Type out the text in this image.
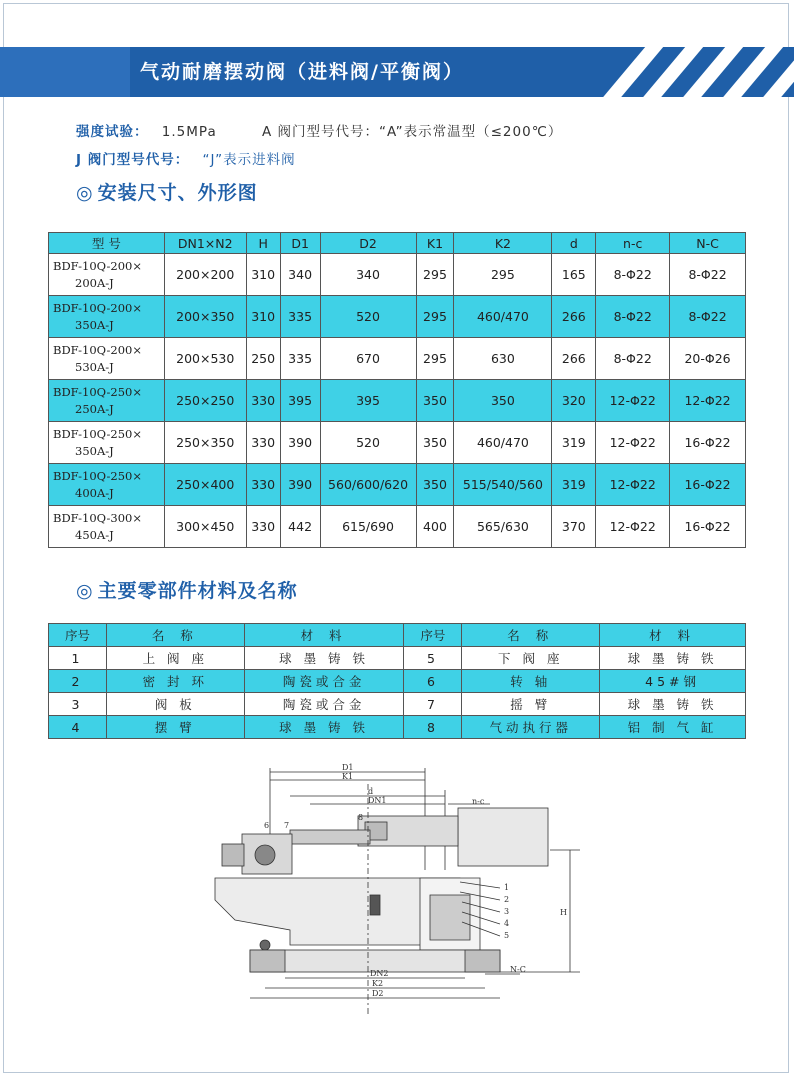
气动耐磨摆动阀（进料阀/平衡阀）
强度试验： 1.5MPa	A 阀门型号代号：“A”表示常温型（≤200℃）
J 阀门型号代号： “J”表示进料阀
◎ 安装尺寸、外形图
型 号	DN1×N2	H	D1	D2	K1	K2	d	n-c	N-C

BDF-10Q-200×
200A-J	200×200	310	340	340	295	295	165	8-Φ22	8-Φ22

BDF-10Q-200×
350A-J	200×350	310	335	520	295	460/470	266	8-Φ22	8-Φ22

BDF-10Q-200×
530A-J	200×530	250	335	670	295	630	266	8-Φ22	20-Φ26

BDF-10Q-250×
250A-J	250×250	330	395	395	350	350	320	12-Φ22	12-Φ22

BDF-10Q-250×
350A-J	250×350	330	390	520	350	460/470	319	12-Φ22	16-Φ22

BDF-10Q-250×
400A-J	250×400	330	390	560/600/620	350	515/540/560	319	12-Φ22	16-Φ22

BDF-10Q-300×
450A-J	300×450	330	442	615/690	400	565/630	370	12-Φ22	16-Φ22
◎ 主要零部件材料及名称
序号	名 称	材 料	序号	名 称	材 料
1	上 阀 座	球 墨 铸 铁	5	下 阀 座	球 墨 铸 铁
2	密 封 环	陶瓷或合金	6	转 轴	45#钢
3	阀 板	陶瓷或合金	7	摇 臂	球 墨 铸 铁
4	摆 臂	球 墨 铸 铁	8	气动执行器	铝 制 气 缸
D1
K1
d
DN1	n-c
8
6 7
1
2
3
4
5
H
DN2
K2
D2
N-C
